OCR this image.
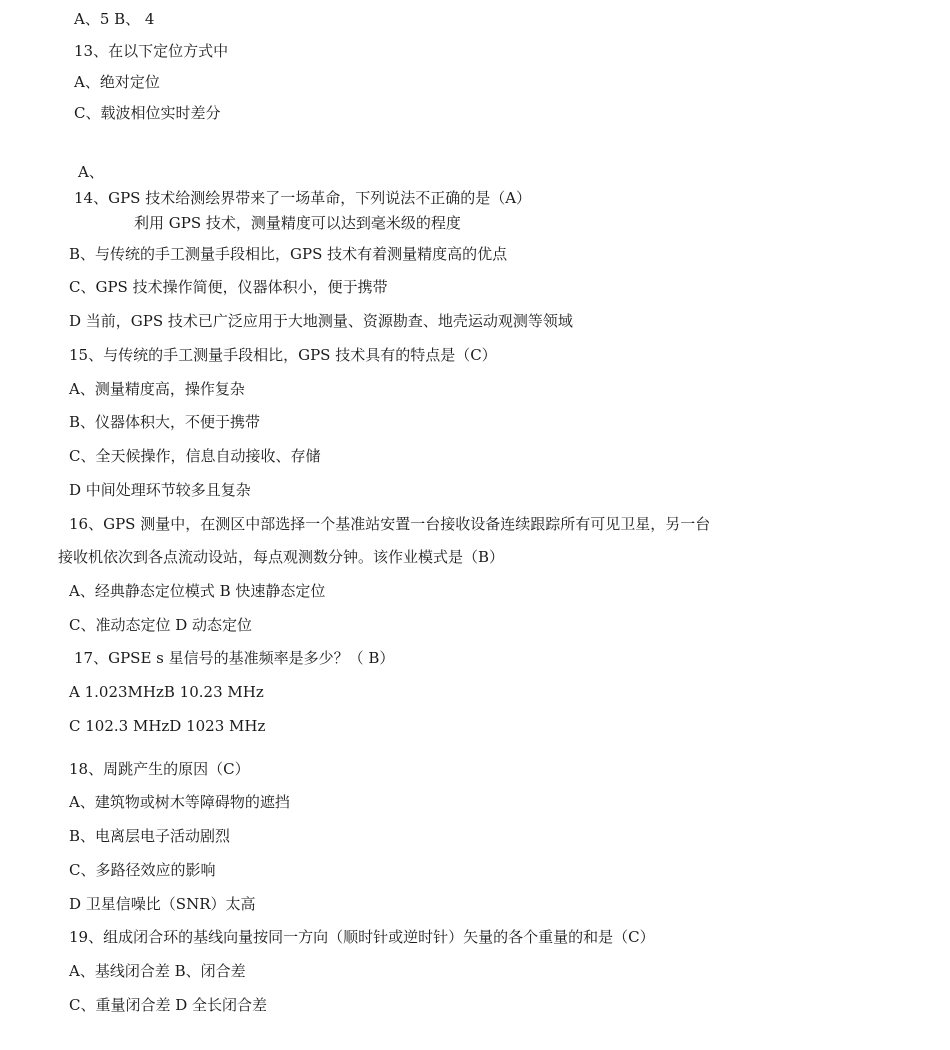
A、5 B、 4
13、在以下定位方式中
A、绝对定位
C、载波相位实时差分
A、
14、GPS 技术给测绘界带来了一场革命，下列说法不正确的是（A）
利用 GPS 技术，测量精度可以达到毫米级的程度
B、与传统的手工测量手段相比，GPS 技术有着测量精度高的优点
C、GPS 技术操作简便，仪器体积小，便于携带
D 当前，GPS 技术已广泛应用于大地测量、资源勘查、地壳运动观测等领域
15、与传统的手工测量手段相比，GPS 技术具有的特点是（C）
A、测量精度高，操作复杂
B、仪器体积大，不便于携带
C、全天候操作，信息自动接收、存储
D 中间处理环节较多且复杂
16、GPS 测量中，在测区中部选择一个基准站安置一台接收设备连续跟踪所有可见卫星，另一台
接收机依次到各点流动设站，每点观测数分钟。该作业模式是（B）
A、经典静态定位模式 B 快速静态定位
C、准动态定位 D 动态定位
17、GPSE s 星信号的基准频率是多少？（ B）
A 1.023MHzB 10.23 MHz
C 102.3 MHzD 1023 MHz
18、周跳产生的原因（C）
A、建筑物或树木等障碍物的遮挡
B、电离层电子活动剧烈
C、多路径效应的影响
D 卫星信噪比（SNR）太高
19、组成闭合环的基线向量按同一方向（顺时针或逆时针）矢量的各个重量的和是（C）
A、基线闭合差 B、闭合差
C、重量闭合差 D 全长闭合差
